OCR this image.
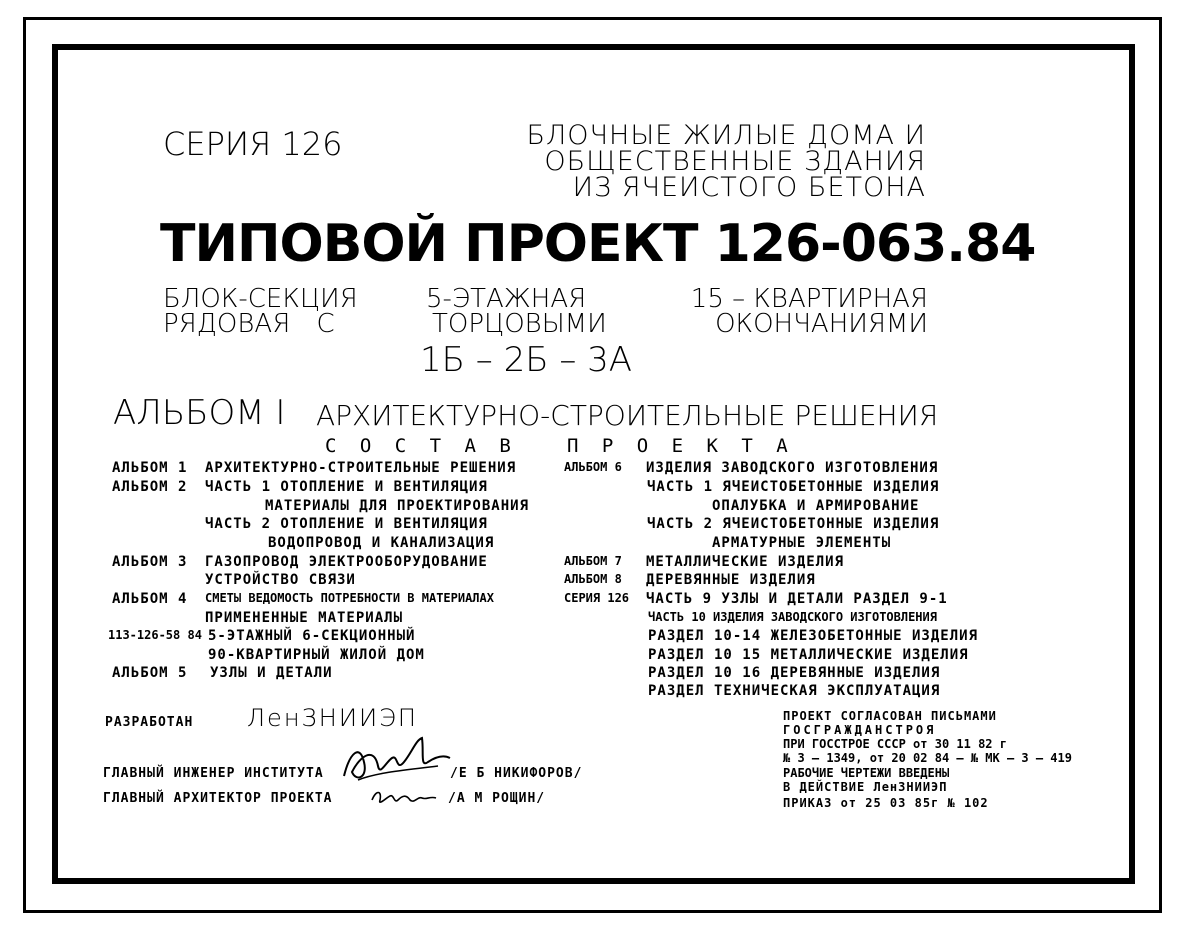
СЕРИЯ 126	БЛОЧНЫЕ ЖИЛЫЕ ДОМА И
ОБЩЕСТВЕННЫЕ ЗДАНИЯ
ИЗ ЯЧЕИСТОГО БЕТОНА
ТИПОВОЙ ПРОЕКТ 126-063.84
БЛОК-СЕКЦИЯ	5-ЭТАЖНАЯ	15 – КВАРТИРНАЯ
РЯДОВАЯ С	ТОРЦОВЫМИ	ОКОНЧАНИЯМИ
1Б – 2Б – 3А
АЛЬБОМ I АРХИТЕКТУРНО-СТРОИТЕЛЬНЫЕ РЕШЕНИЯ
С О С Т А В	П Р О Е К Т А
АЛЬБОМ 1 АРХИТЕКТУРНО-СТРОИТЕЛЬНЫЕ РЕШЕНИЯ
АЛЬБОМ 2 ЧАСТЬ 1 ОТОПЛЕНИЕ И ВЕНТИЛЯЦИЯ
МАТЕРИАЛЫ ДЛЯ ПРОЕКТИРОВАНИЯ
ЧАСТЬ 2 ОТОПЛЕНИЕ И ВЕНТИЛЯЦИЯ
ВОДОПРОВОД И КАНАЛИЗАЦИЯ
АЛЬБОМ 3 ГАЗОПРОВОД ЭЛЕКТРООБОРУДОВАНИЕ
УСТРОЙСТВО СВЯЗИ
АЛЬБОМ 4 СМЕТЫ ВЕДОМОСТЬ ПОТРЕБНОСТИ В МАТЕРИАЛАХ
ПРИМЕНЕННЫЕ МАТЕРИАЛЫ
113-126-58 84 5-ЭТАЖНЫЙ 6-СЕКЦИОННЫЙ
90-КВАРТИРНЫЙ ЖИЛОЙ ДОМ
АЛЬБОМ 5 УЗЛЫ И ДЕТАЛИ
АЛЬБОМ 6 ИЗДЕЛИЯ ЗАВОДСКОГО ИЗГОТОВЛЕНИЯ
ЧАСТЬ 1 ЯЧЕИСТОБЕТОННЫЕ ИЗДЕЛИЯ
ОПАЛУБКА И АРМИРОВАНИЕ
ЧАСТЬ 2 ЯЧЕИСТОБЕТОННЫЕ ИЗДЕЛИЯ
АРМАТУРНЫЕ ЭЛЕМЕНТЫ
АЛЬБОМ 7 МЕТАЛЛИЧЕСКИЕ ИЗДЕЛИЯ
АЛЬБОМ 8 ДЕРЕВЯННЫЕ ИЗДЕЛИЯ
СЕРИЯ 126 ЧАСТЬ 9 УЗЛЫ И ДЕТАЛИ РАЗДЕЛ 9-1
ЧАСТЬ 10 ИЗДЕЛИЯ ЗАВОДСКОГО ИЗГОТОВЛЕНИЯ
РАЗДЕЛ 10-14 ЖЕЛЕЗОБЕТОННЫЕ ИЗДЕЛИЯ
РАЗДЕЛ 10 15 МЕТАЛЛИЧЕСКИЕ ИЗДЕЛИЯ
РАЗДЕЛ 10 16 ДЕРЕВЯННЫЕ ИЗДЕЛИЯ
РАЗДЕЛ ТЕХНИЧЕСКАЯ ЭКСПЛУАТАЦИЯ
РАЗРАБОТАН ЛенЗНИИЭП
ГЛАВНЫЙ ИНЖЕНЕР ИНСТИТУТА	/Е Б НИКИФОРОВ/
ГЛАВНЫЙ АРХИТЕКТОР ПРОЕКТА	/А М РОЩИН/
ПРОЕКТ СОГЛАСОВАН ПИСЬМАМИ
ГОСГРАЖДАНСТРОЯ
ПРИ ГОССТРОЕ СССР от 30 11 82 г
№ 3 – 1349, от 20 02 84 – № МК – 3 – 419
РАБОЧИЕ ЧЕРТЕЖИ ВВЕДЕНЫ
В ДЕЙСТВИЕ ЛенЗНИИЭП
ПРИКАЗ от 25 03 85г № 102
